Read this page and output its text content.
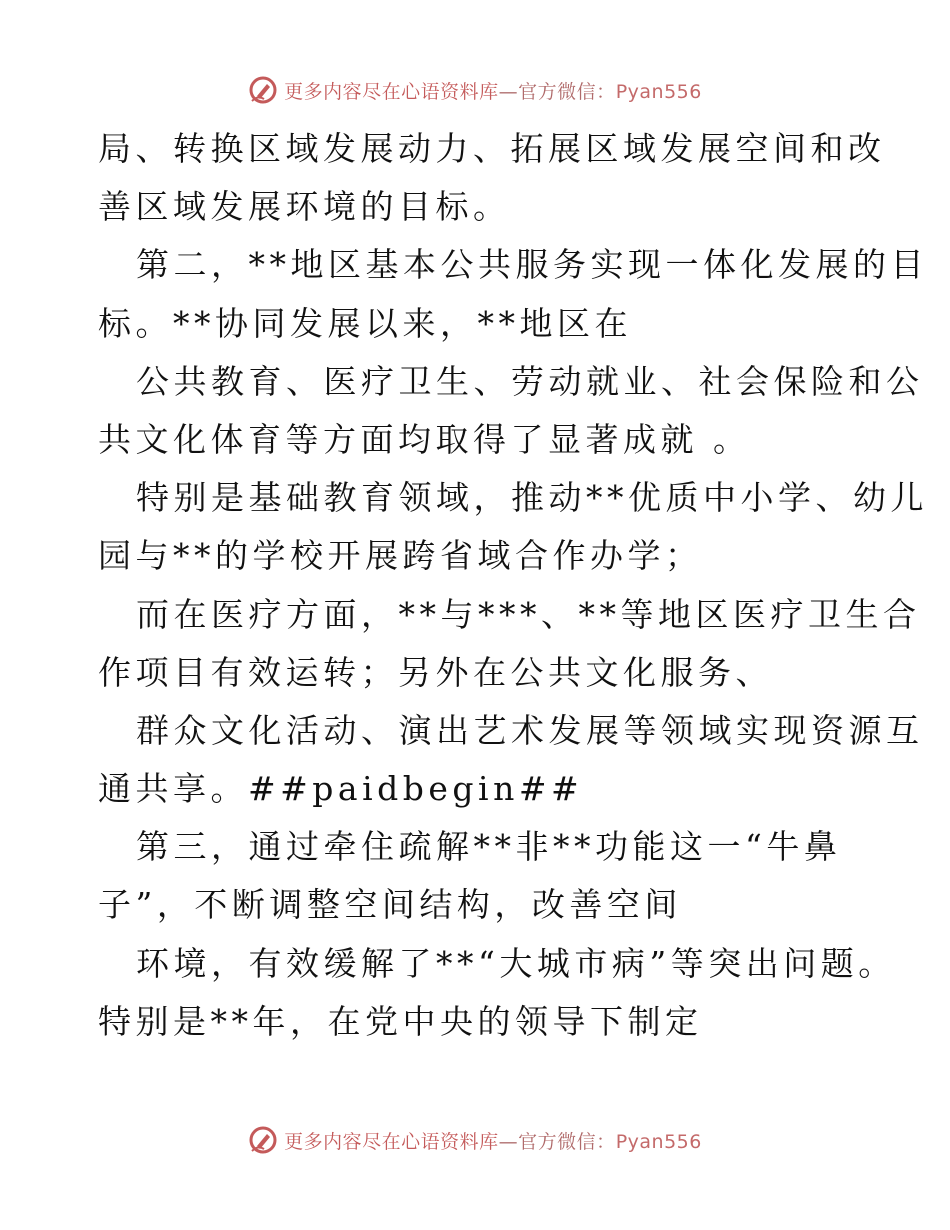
更多内容尽在心语资料库—官方微信：Pyan556
局、转换区域发展动力、拓展区域发展空间和改
善区域发展环境的目标。
第二，**地区基本公共服务实现一体化发展的目
标。**协同发展以来，**地区在
公共教育、医疗卫生、劳动就业、社会保险和公
共文化体育等方面均取得了显著成就 。
特别是基础教育领域，推动**优质中小学、幼儿
园与**的学校开展跨省域合作办学；
而在医疗方面，**与***、**等地区医疗卫生合
作项目有效运转；另外在公共文化服务、
群众文化活动、演出艺术发展等领域实现资源互
通共享。##paidbegin##
第三，通过牵住疏解**非**功能这一“牛鼻
子”，不断调整空间结构，改善空间
环境，有效缓解了**“大城市病”等突出问题。
特别是**年，在党中央的领导下制定
更多内容尽在心语资料库—官方微信：Pyan556
